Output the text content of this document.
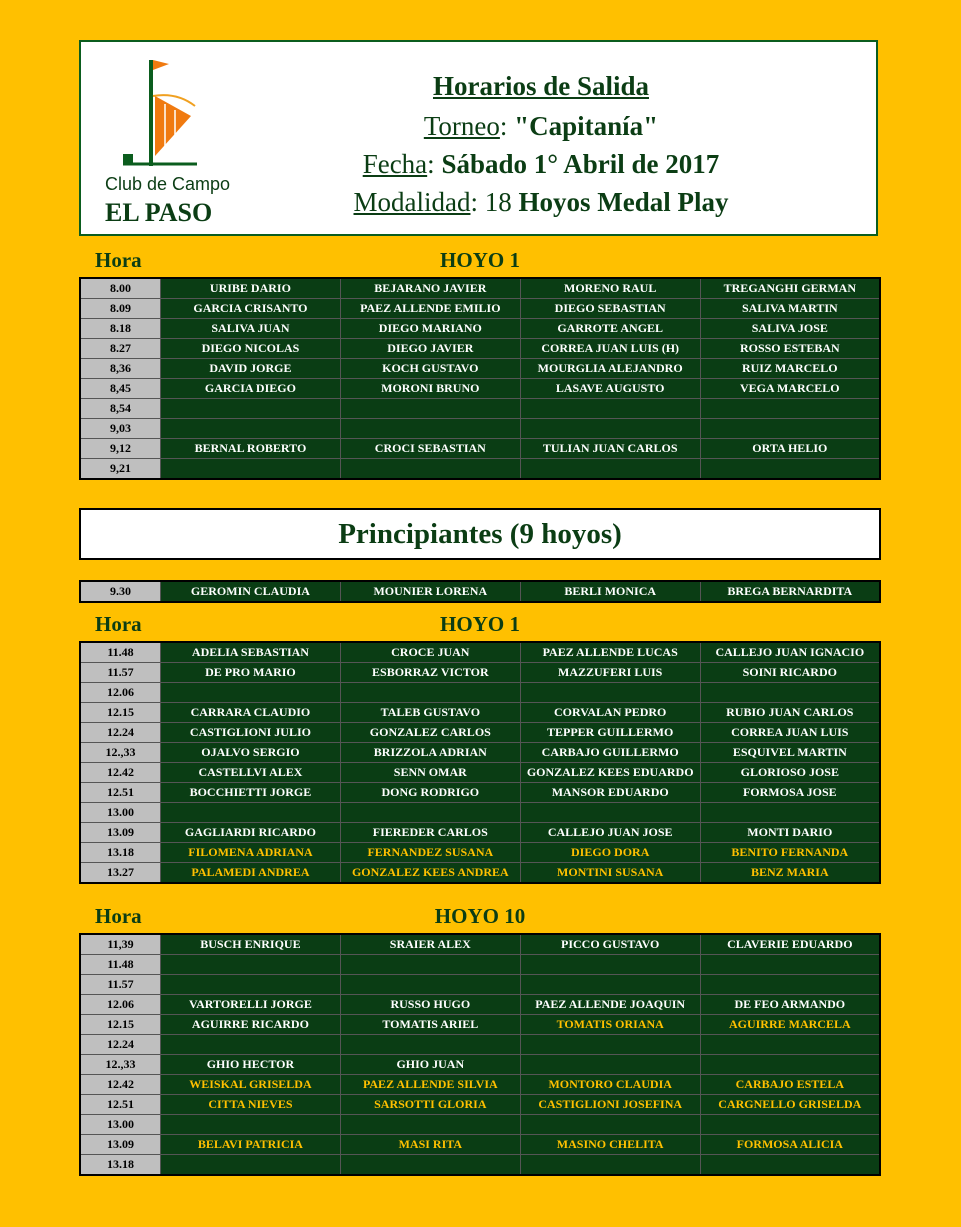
Club de Campo
EL PASO
Horarios de Salida
Torneo: "Capitanía"
Fecha: Sábado 1° Abril de 2017
Modalidad: 18 Hoyos Medal Play
Hora	HOYO 1
8.00	URIBE DARIO	BEJARANO JAVIER	MORENO RAUL	TREGANGHI GERMAN
8.09	GARCIA CRISANTO	PAEZ ALLENDE EMILIO	DIEGO SEBASTIAN	SALIVA MARTIN
8.18	SALIVA JUAN	DIEGO MARIANO	GARROTE ANGEL	SALIVA JOSE
8.27	DIEGO NICOLAS	DIEGO JAVIER	CORREA JUAN LUIS (H)	ROSSO ESTEBAN
8,36	DAVID JORGE	KOCH GUSTAVO	MOURGLIA ALEJANDRO	RUIZ MARCELO
8,45	GARCIA DIEGO	MORONI BRUNO	LASAVE AUGUSTO	VEGA MARCELO
8,54				
9,03				
9,12	BERNAL ROBERTO	CROCI SEBASTIAN	TULIAN JUAN CARLOS	ORTA HELIO
9,21				
Principiantes (9 hoyos)
9.30	GEROMIN CLAUDIA	MOUNIER LORENA	BERLI MONICA	BREGA BERNARDITA
Hora	HOYO 1
11.48	ADELIA SEBASTIAN	CROCE JUAN	PAEZ ALLENDE LUCAS	CALLEJO JUAN IGNACIO
11.57	DE PRO MARIO	ESBORRAZ VICTOR	MAZZUFERI LUIS	SOINI RICARDO
12.06				
12.15	CARRARA CLAUDIO	TALEB GUSTAVO	CORVALAN PEDRO	RUBIO JUAN CARLOS
12.24	CASTIGLIONI JULIO	GONZALEZ CARLOS	TEPPER GUILLERMO	CORREA JUAN LUIS
12.,33	OJALVO SERGIO	BRIZZOLA ADRIAN	CARBAJO GUILLERMO	ESQUIVEL MARTIN
12.42	CASTELLVI ALEX	SENN OMAR	GONZALEZ KEES EDUARDO	GLORIOSO JOSE
12.51	BOCCHIETTI JORGE	DONG RODRIGO	MANSOR EDUARDO	FORMOSA JOSE
13.00				
13.09	GAGLIARDI RICARDO	FIEREDER CARLOS	CALLEJO JUAN JOSE	MONTI DARIO
13.18	FILOMENA ADRIANA	FERNANDEZ SUSANA	DIEGO DORA	BENITO FERNANDA
13.27	PALAMEDI ANDREA	GONZALEZ KEES ANDREA	MONTINI SUSANA	BENZ MARIA
Hora	HOYO 10
11,39	BUSCH ENRIQUE	SRAIER ALEX	PICCO GUSTAVO	CLAVERIE EDUARDO
11.48				
11.57				
12.06	VARTORELLI JORGE	RUSSO HUGO	PAEZ ALLENDE JOAQUIN	DE FEO ARMANDO
12.15	AGUIRRE RICARDO	TOMATIS ARIEL	TOMATIS ORIANA	AGUIRRE MARCELA
12.24				
12.,33	GHIO HECTOR	GHIO JUAN		
12.42	WEISKAL GRISELDA	PAEZ ALLENDE SILVIA	MONTORO CLAUDIA	CARBAJO ESTELA
12.51	CITTA NIEVES	SARSOTTI GLORIA	CASTIGLIONI JOSEFINA	CARGNELLO GRISELDA
13.00				
13.09	BELAVI PATRICIA	MASI RITA	MASINO CHELITA	FORMOSA ALICIA
13.18				
